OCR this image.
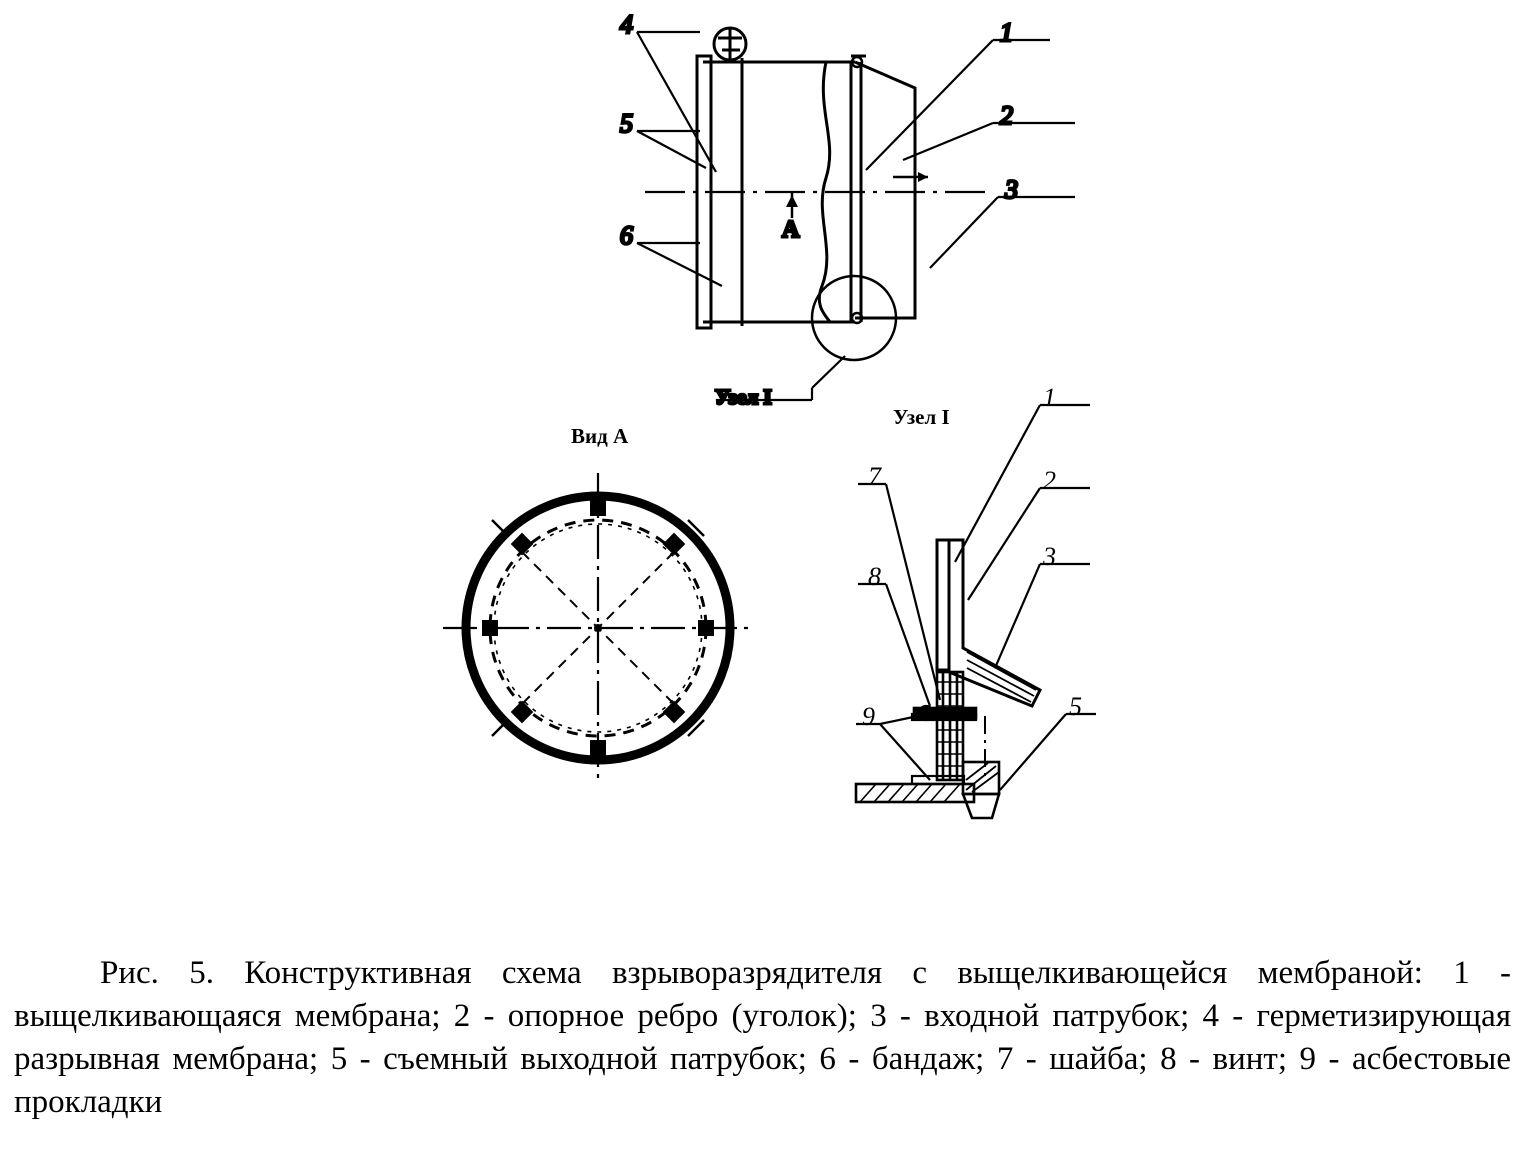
1
2
3
4
5
6	А
Узел I
Вид А
Узел I
1
2
3
5
7
8
9
Рис. 5. Конструктивная схема взрыворазрядителя с выщелкивающейся мембраной: 1 - выщелкивающаяся мембрана; 2 - опорное ребро (уголок); 3 - входной патрубок; 4 - герметизирующая разрывная мембрана; 5 - съемный выходной патрубок; 6 - бандаж; 7 - шайба; 8 - винт; 9 - асбестовые прокладки
